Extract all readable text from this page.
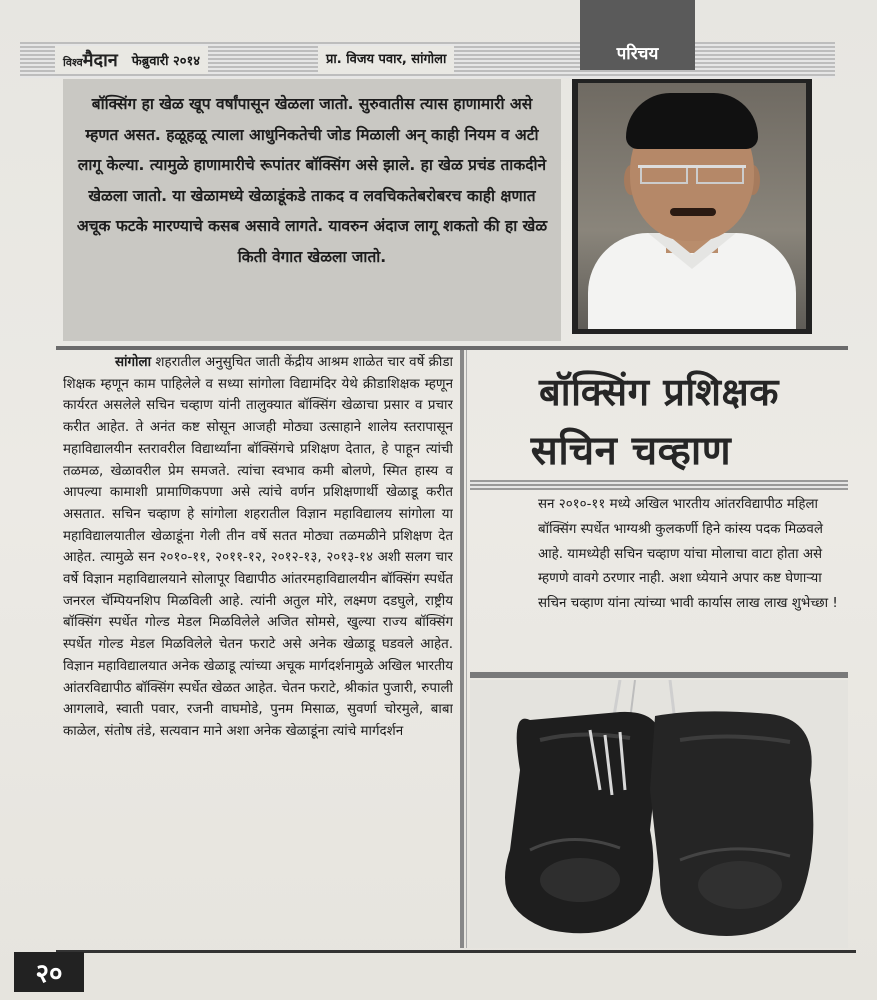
विश्व मैदान फेब्रुवारी २०१४	प्रा. विजय पवार, सांगोला	परिचय

बॉक्सिंग हा खेळ खूप वर्षांपासून खेळला जातो. सुरुवातीस त्यास हाणामारी असे म्हणत असत. हळूहळू त्याला आधुनिकतेची जोड मिळाली अन् काही नियम व अटी लागू केल्या. त्यामुळे हाणामारीचे रूपांतर बॉक्सिंग असे झाले. हा खेळ प्रचंड ताकदीने खेळला जातो. या खेळामध्ये खेळाडूंकडे ताकद व लवचिकतेबरोबरच काही क्षणात अचूक फटके मारण्याचे कसब असावे लागते. यावरुन अंदाज लागू शकतो की हा खेळ किती वेगात खेळला जातो.

सांगोला शहरातील अनुसुचित जाती केंद्रीय आश्रम शाळेत चार वर्षे क्रीडा शिक्षक म्हणून काम पाहिलेले व सध्या सांगोला विद्यामंदिर येथे क्रीडाशिक्षक म्हणून कार्यरत असलेले सचिन चव्हाण यांनी तालुक्यात बॉक्सिंग खेळाचा प्रसार व प्रचार करीत आहेत. ते अनंत कष्ट सोसून आजही मोठ्या उत्साहाने शालेय स्तरापासून महाविद्यालयीन स्तरावरील विद्यार्थ्यांना बॉक्सिंगचे प्रशिक्षण देतात, हे पाहून त्यांची तळमळ, खेळावरील प्रेम समजते. त्यांचा स्वभाव कमी बोलणे, स्मित हास्य व आपल्या कामाशी प्रामाणिकपणा असे त्यांचे वर्णन प्रशिक्षणार्थी खेळाडू करीत असतात. सचिन चव्हाण हे सांगोला शहरातील विज्ञान महाविद्यालय सांगोला या महाविद्यालयातील खेळाडूंना गेली तीन वर्षे सतत मोठ्या तळमळीने प्रशिक्षण देत आहेत. त्यामुळे सन २०१०-११, २०११-१२, २०१२-१३, २०१३-१४ अशी सलग चार वर्षे विज्ञान महाविद्यालयाने सोलापूर विद्यापीठ आंतरमहाविद्यालयीन बॉक्सिंग स्पर्धेत जनरल चॅम्पियनशिप मिळविली आहे. त्यांनी अतुल मोरे, लक्ष्मण दडघुले, राष्ट्रीय बॉक्सिंग स्पर्धेत गोल्ड मेडल मिळविलेले अजित सोमसे, खुल्या राज्य बॉक्सिंग स्पर्धेत गोल्ड मेडल मिळविलेले चेतन फराटे असे अनेक खेळाडू घडवले आहेत. विज्ञान महाविद्यालयात अनेक खेळाडू त्यांच्या अचूक मार्गदर्शनामुळे अखिल भारतीय आंतरविद्यापीठ बॉक्सिंग स्पर्धेत खेळत आहेत. चेतन फराटे, श्रीकांत पुजारी, रुपाली आगलावे, स्वाती पवार, रजनी वाघमोडे, पुनम मिसाळ, सुवर्णा चोरमुले, बाबा काळेल, संतोष तंडे, सत्यवान माने अशा अनेक खेळाडूंना त्यांचे मार्गदर्शन

बॉक्सिंग प्रशिक्षक
सचिन चव्हाण

सन २०१०-११ मध्ये अखिल भारतीय आंतरविद्यापीठ महिला बॉक्सिंग स्पर्धेत भाग्यश्री कुलकर्णी हिने कांस्य पदक मिळवले आहे. यामध्येही सचिन चव्हाण यांचा मोलाचा वाटा होता असे म्हणणे वावगे ठरणार नाही. अशा ध्येयाने अपार कष्ट घेणाऱ्या सचिन चव्हाण यांना त्यांच्या भावी कार्यास लाख लाख शुभेच्छा !

२०
